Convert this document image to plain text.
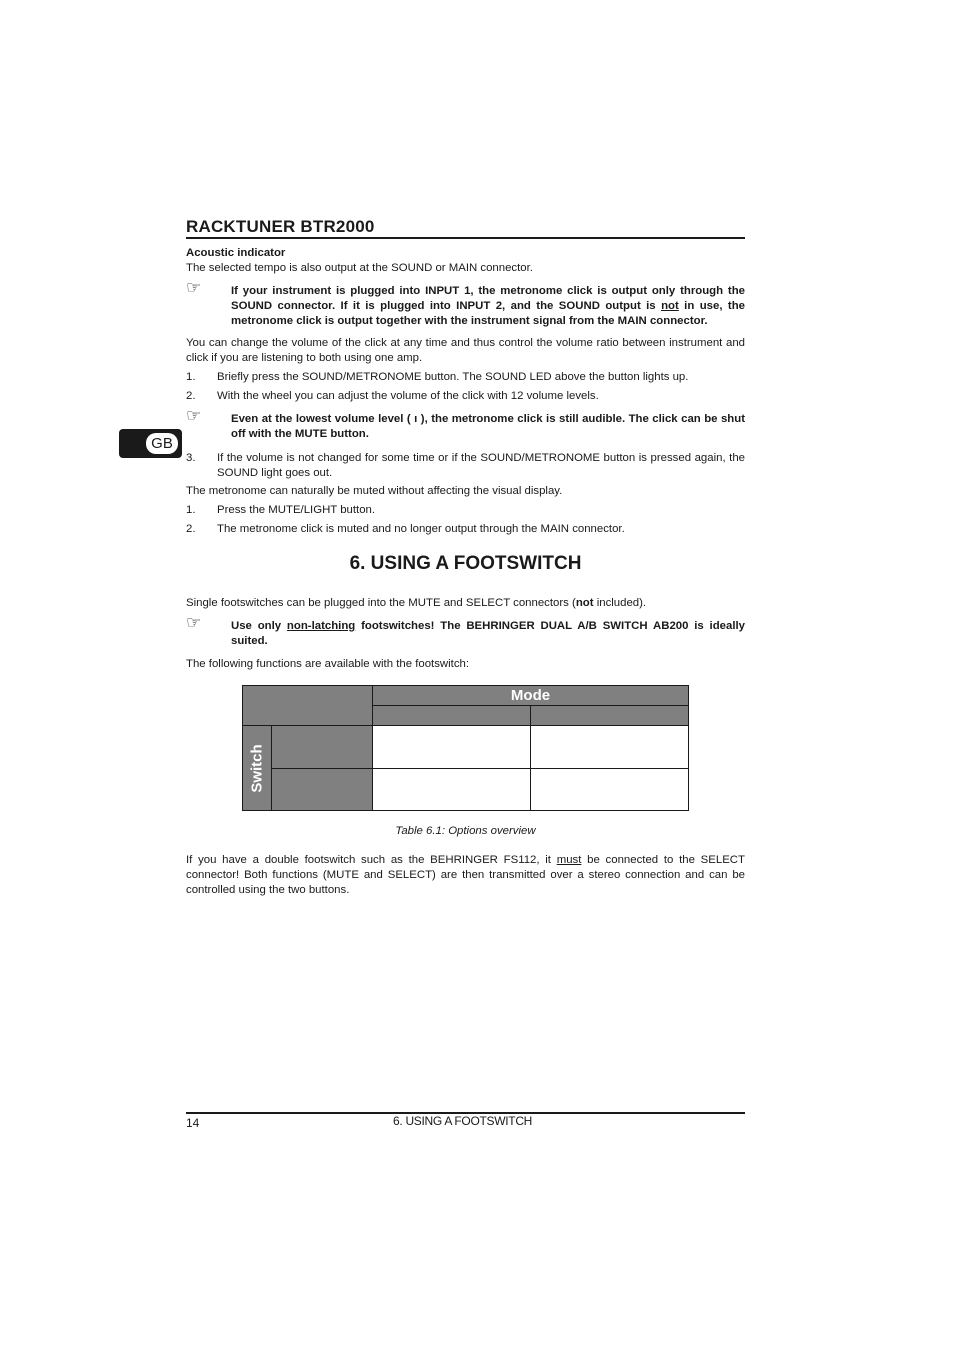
RACKTUNER BTR2000
GB

Acoustic indicator

The selected tempo is also output at the SOUND or MAIN connector.

☞	If your instrument is plugged into INPUT 1, the metronome click is output only through the SOUND connector. If it is plugged into INPUT 2, and the SOUND output is not in use, the metronome click is output together with the instrument signal from the MAIN connector.

You can change the volume of the click at any time and thus control the volume ratio between instrument and click if you are listening to both using one amp.

1. Briefly press the SOUND/METRONOME button. The SOUND LED above the button lights up.
2. With the wheel you can adjust the volume of the click with 12 volume levels.
☞	Even at the lowest volume level ( ı ), the metronome click is still audible. The click can be shut off with the MUTE button.
3. If the volume is not changed for some time or if the SOUND/METRONOME button is pressed again, the SOUND light goes out.

The metronome can naturally be muted without affecting the visual display.

1. Press the MUTE/LIGHT button.
2. The metronome click is muted and no longer output through the MAIN connector.
6. USING A FOOTSWITCH

Single footswitches can be plugged into the MUTE and SELECT connectors (not included).

☞	Use only non-latching footswitches! The BEHRINGER DUAL A/B SWITCH AB200 is ideally suited.

The following functions are available with the footswitch:

Mode
Switch
Table 6.1: Options overview

If you have a double footswitch such as the BEHRINGER FS112, it must be connected to the SELECT connector! Both functions (MUTE and SELECT) are then transmitted over a stereo connection and can be controlled using the two buttons.

14	6. USING A FOOTSWITCH
